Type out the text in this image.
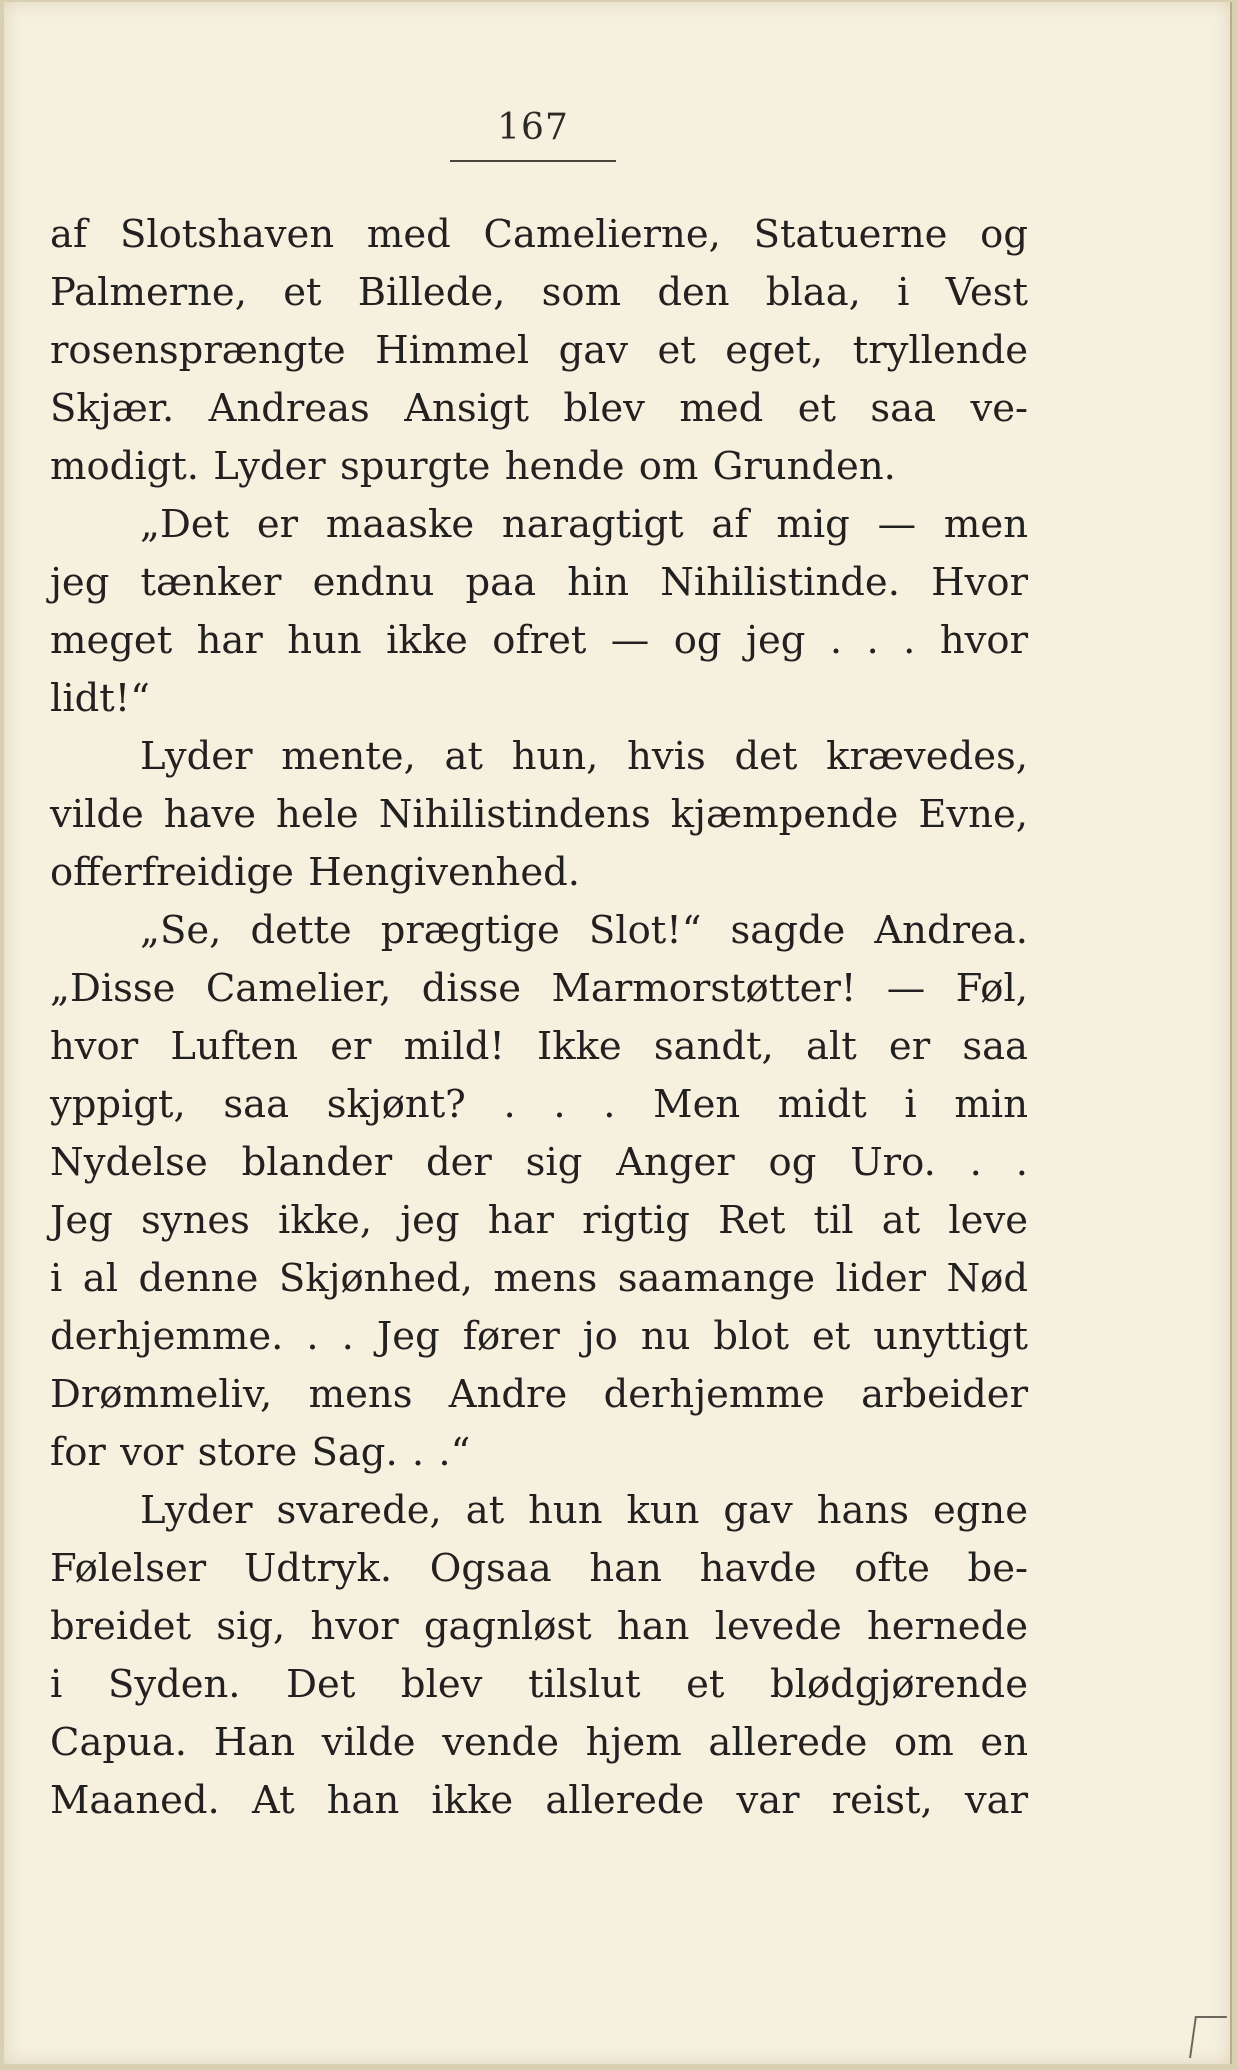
167
af Slotshaven med Camelierne, Statuerne og
Palmerne, et Billede, som den blaa, i Vest
rosensprængte Himmel gav et eget, tryllende
Skjær. Andreas Ansigt blev med et saa ve-
modigt. Lyder spurgte hende om Grunden.
„Det er maaske naragtigt af mig — men
jeg tænker endnu paa hin Nihilistinde. Hvor
meget har hun ikke ofret — og jeg . . . hvor
lidt!“
Lyder mente, at hun, hvis det krævedes,
vilde have hele Nihilistindens kjæmpende Evne,
offerfreidige Hengivenhed.
„Se, dette prægtige Slot!“ sagde Andrea.
„Disse Camelier, disse Marmorstøtter! — Føl,
hvor Luften er mild! Ikke sandt, alt er saa
yppigt, saa skjønt? . . . Men midt i min
Nydelse blander der sig Anger og Uro. . .
Jeg synes ikke, jeg har rigtig Ret til at leve
i al denne Skjønhed, mens saamange lider Nød
derhjemme. . . Jeg fører jo nu blot et unyttigt
Drømmeliv, mens Andre derhjemme arbeider
for vor store Sag. . .“
Lyder svarede, at hun kun gav hans egne
Følelser Udtryk. Ogsaa han havde ofte be-
breidet sig, hvor gagnløst han levede hernede
i Syden. Det blev tilslut et blødgjørende
Capua. Han vilde vende hjem allerede om en
Maaned. At han ikke allerede var reist, var
